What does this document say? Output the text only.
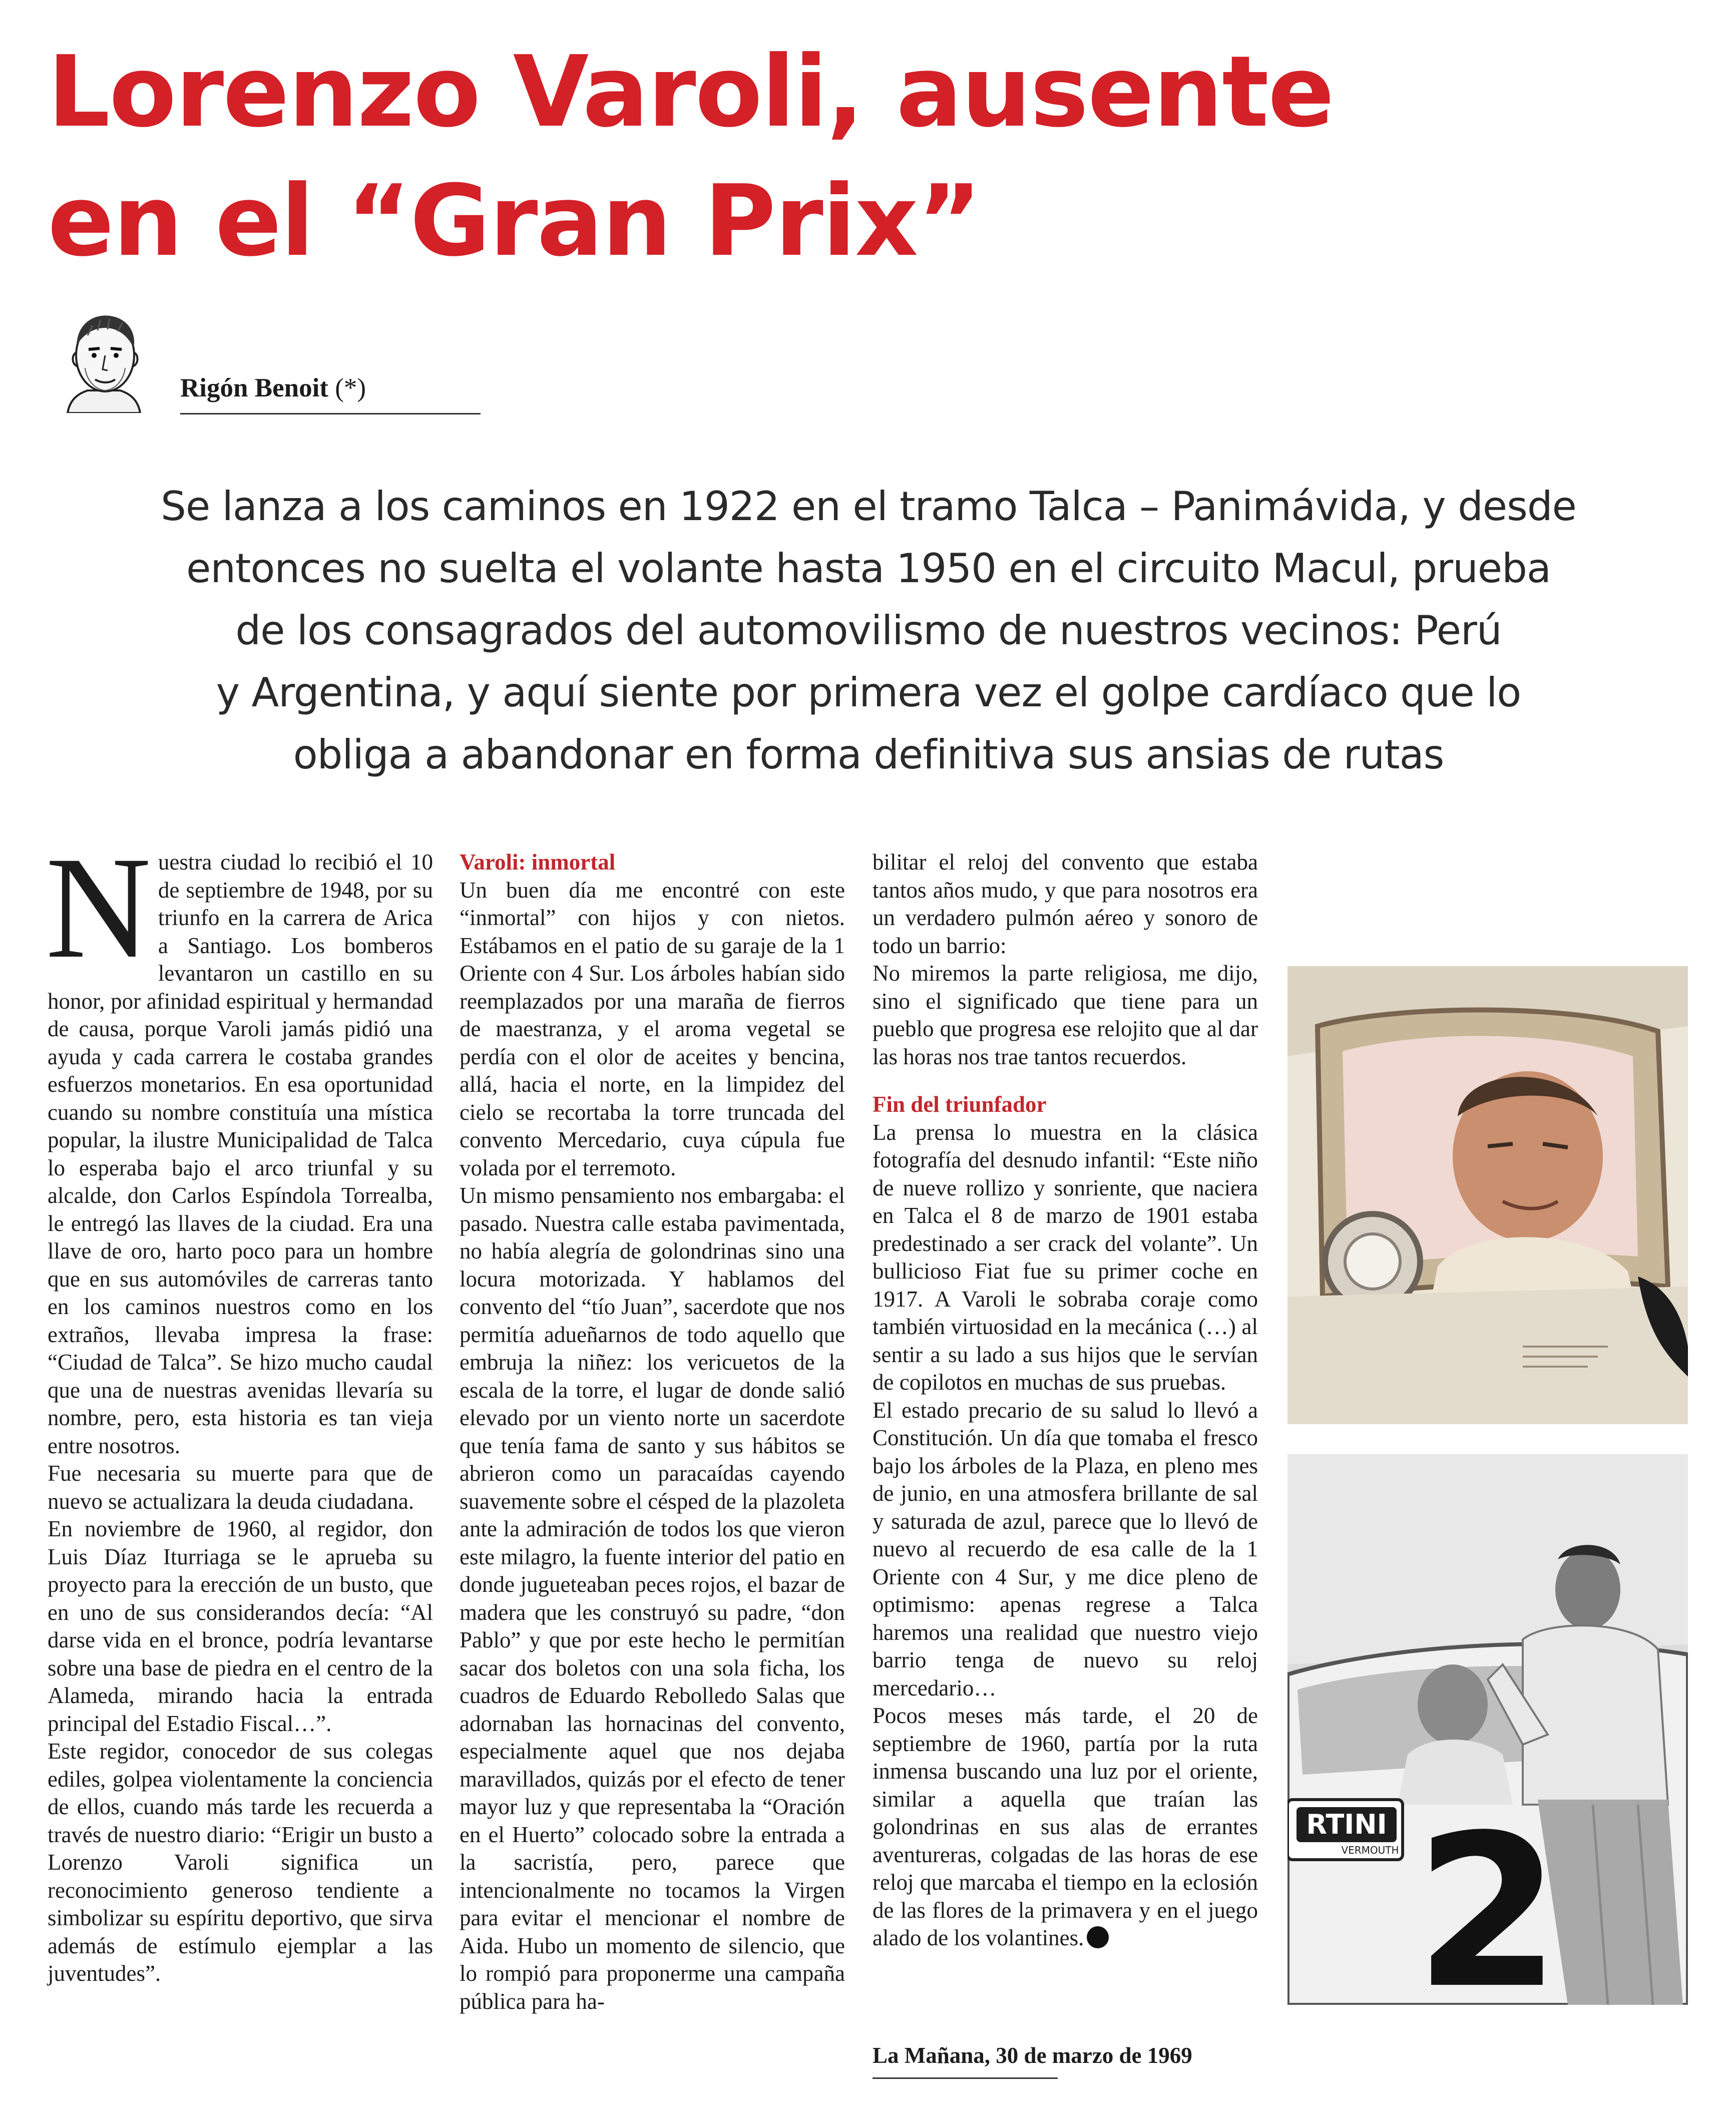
Lorenzo Varoli, ausente
en el “Gran Prix”
Rigón Benoit (*)

Se lanza a los caminos en 1922 en el tramo Talca – Panimávida, y desde
entonces no suelta el volante hasta 1950 en el circuito Macul, prueba
de los consagrados del automovilismo de nuestros vecinos: Perú
y Argentina, y aquí siente por primera vez el golpe cardíaco que lo
obliga a abandonar en forma definitiva sus ansias de rutas

Nuestra ciudad lo recibió el 10 de septiembre de 1948, por su triunfo en la carrera de Arica a Santiago. Los bomberos levantaron un castillo en su honor, por afinidad espiritual y hermandad de causa, porque Varoli jamás pidió una ayuda y cada carrera le costaba grandes esfuerzos monetarios. En esa oportunidad cuando su nombre constituía una mística popular, la ilustre Municipalidad de Talca lo esperaba bajo el arco triunfal y su alcalde, don Carlos Espíndola Torrealba, le entregó las llaves de la ciudad. Era una llave de oro, harto poco para un hombre que en sus automóviles de carreras tanto en los caminos nuestros como en los extraños, llevaba impresa la frase: “Ciudad de Talca”. Se hizo mucho caudal que una de nuestras avenidas llevaría su nombre, pero, esta historia es tan vieja entre nosotros.

Fue necesaria su muerte para que de nuevo se actualizara la deuda ciudadana.

En noviembre de 1960, al regidor, don Luis Díaz Iturriaga se le aprueba su proyecto para la erección de un busto, que en uno de sus considerandos decía: “Al darse vida en el bronce, podría levantarse sobre una base de piedra en el centro de la Alameda, mirando hacia la entrada principal del Estadio Fiscal…”.

Este regidor, conocedor de sus colegas ediles, golpea violentamente la conciencia de ellos, cuando más tarde les recuerda a través de nuestro diario: “Erigir un busto a Lorenzo Varoli significa un reconocimiento generoso tendiente a simbolizar su espíritu deportivo, que sirva además de estímulo ejemplar a las juventudes”.

Varoli: inmortal

Un buen día me encontré con este “inmortal” con hijos y con nietos. Estábamos en el patio de su garaje de la 1 Oriente con 4 Sur. Los árboles habían sido reemplazados por una maraña de fierros de maestranza, y el aroma vegetal se perdía con el olor de aceites y bencina, allá, hacia el norte, en la limpidez del cielo se recortaba la torre truncada del convento Mercedario, cuya cúpula fue volada por el terremoto.

Un mismo pensamiento nos embargaba: el pasado. Nuestra calle estaba pavimentada, no había alegría de golondrinas sino una locura motorizada. Y hablamos del convento del “tío Juan”, sacerdote que nos permitía adueñarnos de todo aquello que embruja la niñez: los vericuetos de la escala de la torre, el lugar de donde salió elevado por un viento norte un sacerdote que tenía fama de santo y sus hábitos se abrieron como un paracaídas cayendo suavemente sobre el césped de la plazoleta ante la admiración de todos los que vieron este milagro, la fuente interior del patio en donde jugueteaban peces rojos, el bazar de madera que les construyó su padre, “don Pablo” y que por este hecho le permitían sacar dos boletos con una sola ficha, los cuadros de Eduardo Rebolledo Salas que adornaban las hornacinas del convento, especialmente aquel que nos dejaba maravillados, quizás por el efecto de tener mayor luz y que representaba la “Oración en el Huerto” colocado sobre la entrada a la sacristía, pero, parece que intencionalmente no tocamos la Virgen para evitar el mencionar el nombre de Aida. Hubo un momento de silencio, que lo rompió para proponerme una campaña pública para ha-

bilitar el reloj del convento que estaba tantos años mudo, y que para nosotros era un verdadero pulmón aéreo y sonoro de todo un barrio:

No miremos la parte religiosa, me dijo, sino el significado que tiene para un pueblo que progresa ese relojito que al dar las horas nos trae tantos recuerdos.

Fin del triunfador

La prensa lo muestra en la clásica fotografía del desnudo infantil: “Este niño de nueve rollizo y sonriente, que naciera en Talca el 8 de marzo de 1901 estaba predestinado a ser crack del volante”. Un bullicioso Fiat fue su primer coche en 1917. A Varoli le sobraba coraje como también virtuosidad en la mecánica (…) al sentir a su lado a sus hijos que le servían de copilotos en muchas de sus pruebas.

El estado precario de su salud lo llevó a Constitución. Un día que tomaba el fresco bajo los árboles de la Plaza, en pleno mes de junio, en una atmosfera brillante de sal y saturada de azul, parece que lo llevó de nuevo al recuerdo de esa calle de la 1 Oriente con 4 Sur, y me dice pleno de optimismo: apenas regrese a Talca haremos una realidad que nuestro viejo barrio tenga de nuevo su reloj mercedario…

Pocos meses más tarde, el 20 de septiembre de 1960, partía por la ruta inmensa buscando una luz por el oriente, similar a aquella que traían las golondrinas en sus alas de errantes aventureras, colgadas de las horas de ese reloj que marcaba el tiempo en la eclosión de las flores de la primavera y en el juego alado de los volantines.

La Mañana, 30 de marzo de 1969
RTINI
VERMOUTH 2
